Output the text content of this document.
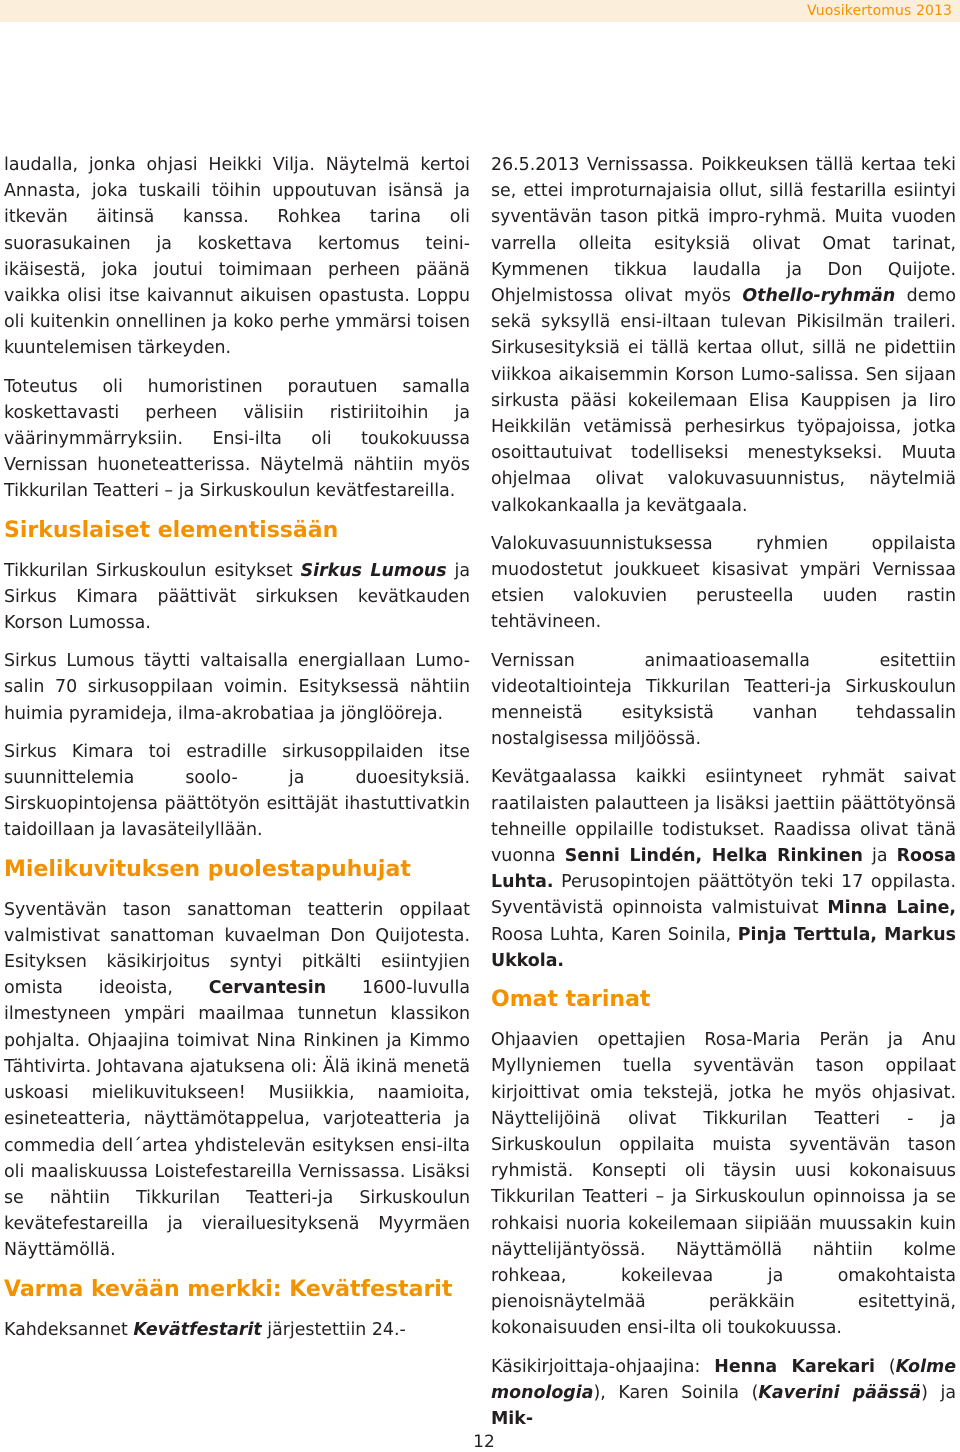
Vuosikertomus 2013

laudalla, jonka ohjasi Heikki Vilja. Näytelmä kertoi Annasta, joka tuskaili töihin uppoutuvan isänsä ja itkevän äitinsä kanssa. Rohkea tarina oli suorasukainen ja koskettava kertomus teini-ikäisestä, joka joutui toimimaan perheen päänä vaikka olisi itse kaivannut aikuisen opastusta. Loppu oli kuitenkin onnellinen ja koko perhe ymmärsi toisen kuuntelemisen tärkeyden.

Toteutus oli humoristinen porautuen samalla koskettavasti perheen välisiin ristiriitoihin ja väärinymmärryksiin. Ensi-ilta oli toukokuussa Vernissan huoneteatterissa. Näytelmä nähtiin myös Tikkurilan Teatteri – ja Sirkuskoulun kevätfestareilla.

Sirkuslaiset elementissään

Tikkurilan Sirkuskoulun esitykset Sirkus Lumous ja Sirkus Kimara päättivät sirkuksen kevätkauden Korson Lumossa.

Sirkus Lumous täytti valtaisalla energiallaan Lumo-salin 70 sirkusoppilaan voimin. Esityksessä nähtiin huimia pyramideja, ilma-akrobatiaa ja jönglööreja.

Sirkus Kimara toi estradille sirkusoppilaiden itse suunnittelemia soolo- ja duoesityksiä. Sirskuopintojensa päättötyön esittäjät ihastuttivatkin taidoillaan ja lavasäteilyllään.

Mielikuvituksen puolestapuhujat

Syventävän tason sanattoman teatterin oppilaat valmistivat sanattoman kuvaelman Don Quijotesta. Esityksen käsikirjoitus syntyi pitkälti esiintyjien omista ideoista, Cervantesin 1600-luvulla ilmestyneen ympäri maailmaa tunnetun klassikon pohjalta. Ohjaajina toimivat Nina Rinkinen ja Kimmo Tähtivirta. Johtavana ajatuksena oli: Älä ikinä menetä uskoasi mielikuvitukseen! Musiikkia, naamioita, esineteatteria, näyttämötappelua, varjoteatteria ja commedia dell´artea yhdistelevän esityksen ensi-ilta oli maaliskuussa Loistefestareilla Vernissassa. Lisäksi se nähtiin Tikkurilan Teatteri-ja Sirkuskoulun kevätefestareilla ja vierailuesityksenä Myyrmäen Näyttämöllä.

Varma kevään merkki: Kevätfestarit

Kahdeksannet Kevätfestarit järjestettiin 24.-

26.5.2013 Vernissassa. Poikkeuksen tällä kertaa teki se, ettei improturnajaisia ollut, sillä festarilla esiintyi syventävän tason pitkä impro-ryhmä. Muita vuoden varrella olleita esityksiä olivat Omat tarinat, Kymmenen tikkua laudalla ja Don Quijote. Ohjelmistossa olivat myös Othello-ryhmän demo sekä syksyllä ensi-iltaan tulevan Pikisilmän traileri. Sirkusesityksiä ei tällä kertaa ollut, sillä ne pidettiin viikkoa aikaisemmin Korson Lumo-salissa. Sen sijaan sirkusta pääsi kokeilemaan Elisa Kauppisen ja Iiro Heikkilän vetämissä perhesirkus työpajoissa, jotka osoittautuivat todelliseksi menestykseksi. Muuta ohjelmaa olivat valokuvasuunnistus, näytelmiä valkokankaalla ja kevätgaala.

Valokuvasuunnistuksessa ryhmien oppilaista muodostetut joukkueet kisasivat ympäri Vernissaa etsien valokuvien perusteella uuden rastin tehtävineen.

Vernissan animaatioasemalla esitettiin videotaltiointeja Tikkurilan Teatteri-ja Sirkuskoulun menneistä esityksistä vanhan tehdassalin nostalgisessa miljöössä.

Kevätgaalassa kaikki esiintyneet ryhmät saivat raatilaisten palautteen ja lisäksi jaettiin päättötyönsä tehneille oppilaille todistukset. Raadissa olivat tänä vuonna Senni Lindén, Helka Rinkinen ja Roosa Luhta. Perusopintojen päättötyön teki 17 oppilasta. Syventävistä opinnoista valmistuivat Minna Laine, Roosa Luhta, Karen Soinila, Pinja Terttula, Markus Ukkola.

Omat tarinat

Ohjaavien opettajien Rosa-Maria Perän ja Anu Myllyniemen tuella syventävän tason oppilaat kirjoittivat omia tekstejä, jotka he myös ohjasivat. Näyttelijöinä olivat Tikkurilan Teatteri - ja Sirkuskoulun oppilaita muista syventävän tason ryhmistä. Konsepti oli täysin uusi kokonaisuus Tikkurilan Teatteri – ja Sirkuskoulun opinnoissa ja se rohkaisi nuoria kokeilemaan siipiään muussakin kuin näyttelijäntyössä. Näyttämöllä nähtiin kolme rohkeaa, kokeilevaa ja omakohtaista pienoisnäytelmää peräkkäin esitettyinä, kokonaisuuden ensi-ilta oli toukokuussa.

Käsikirjoittaja-ohjaajina: Henna Karekari (Kolme monologia), Karen Soinila (Kaverini päässä) ja Mik-

12
